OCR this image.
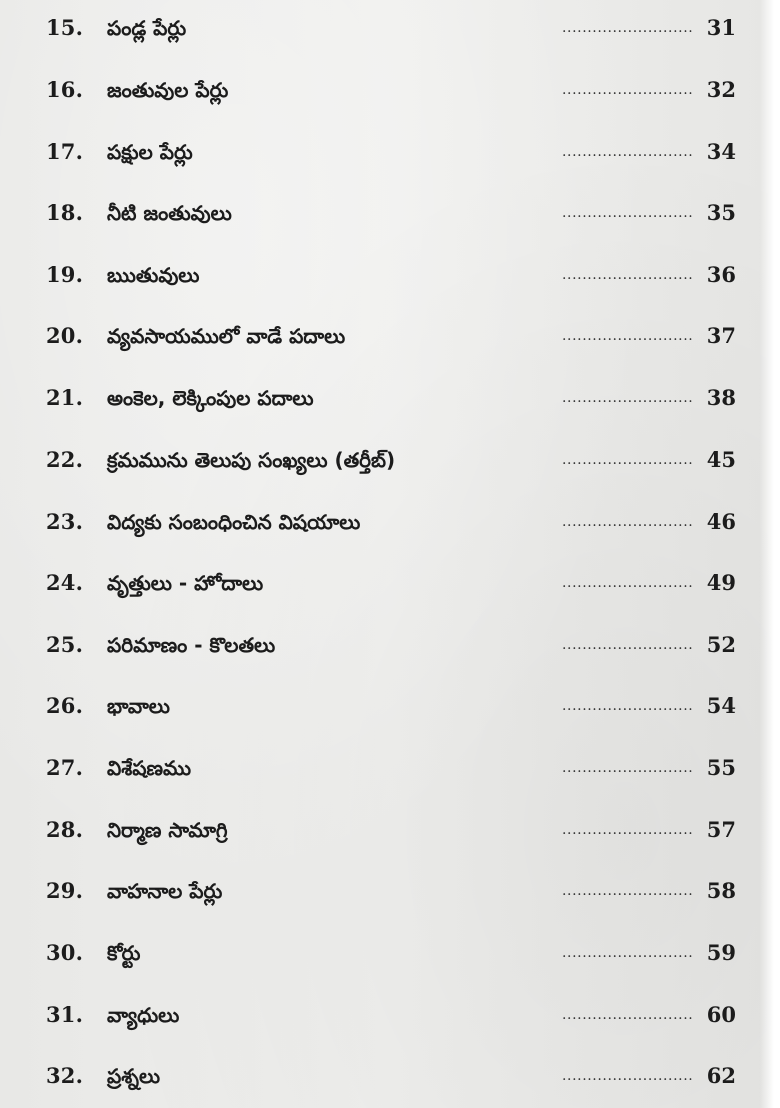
15.	పండ్ల పేర్లు	.......................... 31
16.	జంతువుల పేర్లు	.......................... 32
17.	పక్షుల పేర్లు	.......................... 34
18.	నీటి జంతువులు	.......................... 35
19.	ఋతువులు	.......................... 36
20.	వ్యవసాయములో వాడే పదాలు	.......................... 37
21.	అంకెల, లెక్కింపుల పదాలు	.......................... 38
22.	క్రమమును తెలుపు సంఖ్యలు (తర్తీబ్)	.......................... 45
23.	విద్యకు సంబంధించిన విషయాలు	.......................... 46
24.	వృత్తులు - హోదాలు	.......................... 49
25.	పరిమాణం - కొలతలు	.......................... 52
26.	భావాలు	.......................... 54
27.	విశేషణము	.......................... 55
28.	నిర్మాణ సామాగ్రి	.......................... 57
29.	వాహనాల పేర్లు	.......................... 58
30.	కోర్టు	.......................... 59
31.	వ్యాధులు	.......................... 60
32.	ప్రశ్నలు	.......................... 62
